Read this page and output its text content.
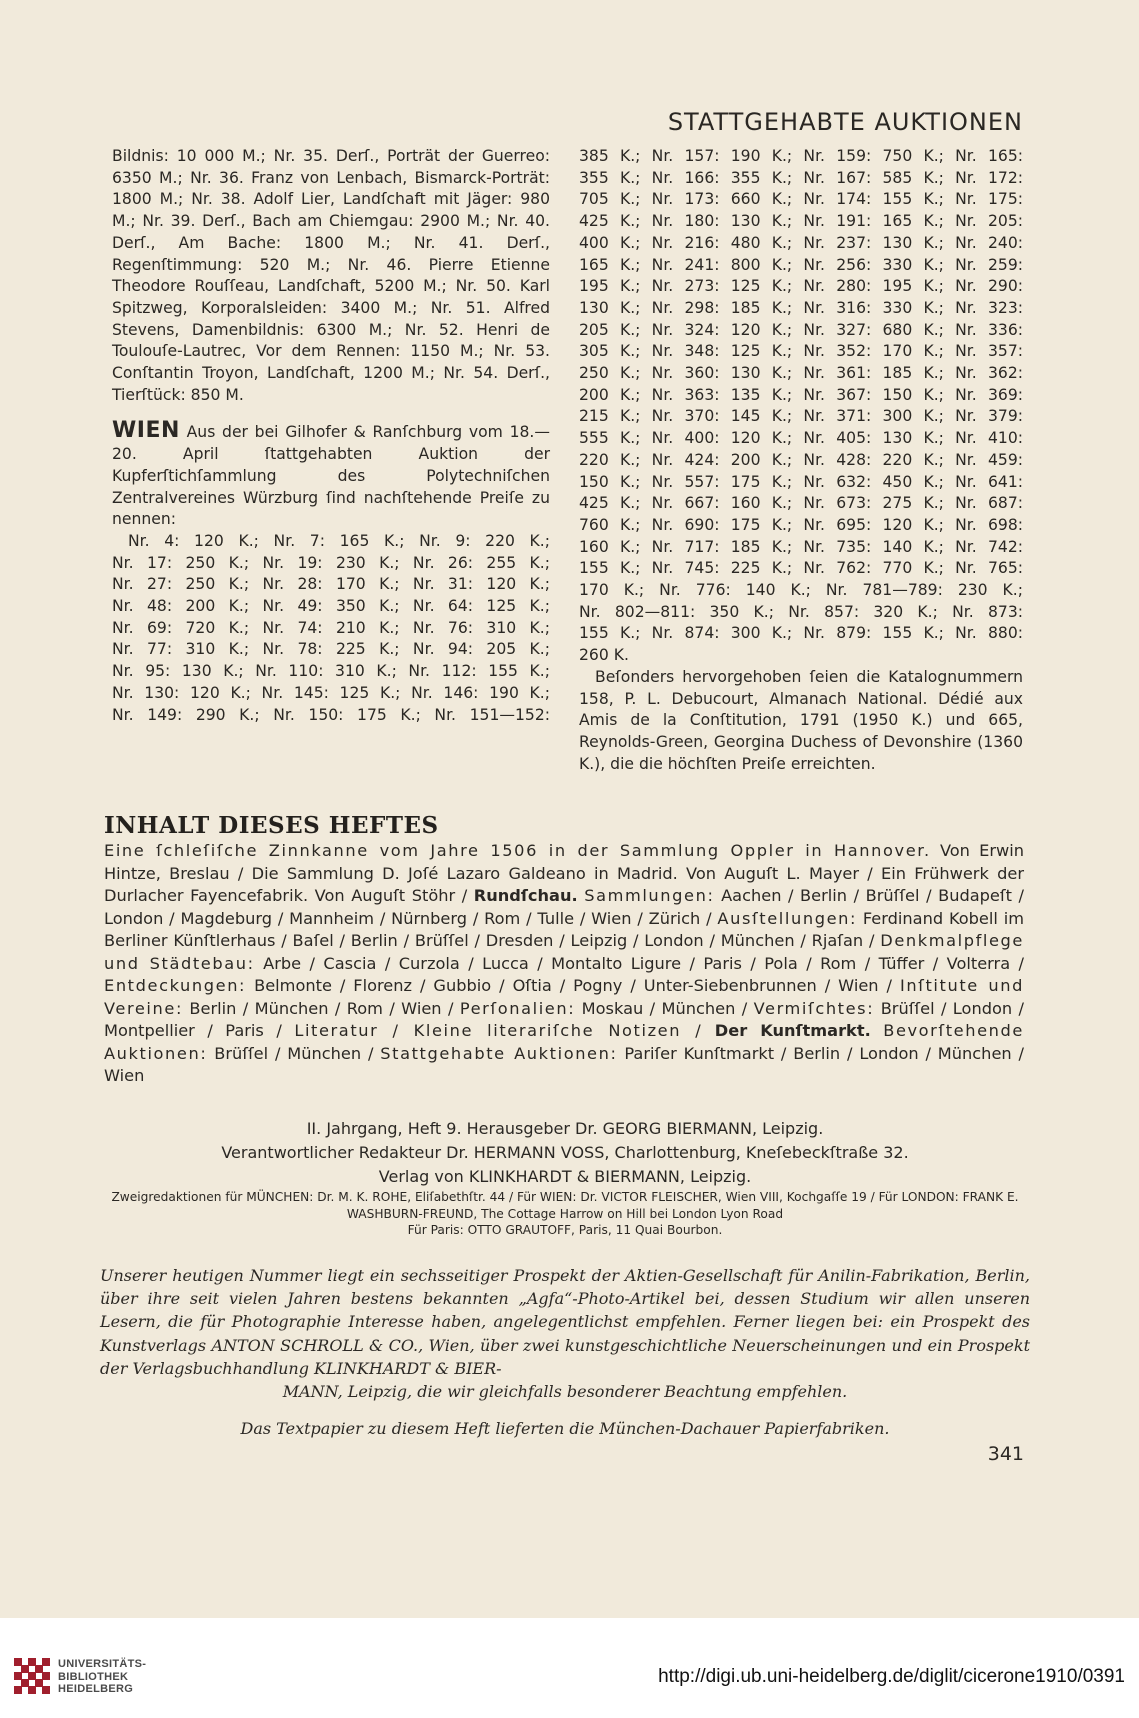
STATTGEHABTE AUKTIONEN

Bildnis: 10 000 M.; Nr. 35. Derſ., Porträt der Guerreo: 6350 M.; Nr. 36. Franz von Lenbach, Bismarck-Porträt: 1800 M.; Nr. 38. Adolf Lier, Landſchaft mit Jäger: 980 M.; Nr. 39. Derſ., Bach am Chiemgau: 2900 M.; Nr. 40. Derſ., Am Bache: 1800 M.; Nr. 41. Derſ., Regenſtimmung: 520 M.; Nr. 46. Pierre Etienne Theodore Rouſſeau, Landſchaft, 5200 M.; Nr. 50. Karl Spitzweg, Korporalsleiden: 3400 M.; Nr. 51. Alfred Stevens, Damenbildnis: 6300 M.; Nr. 52. Henri de Toulouſe-Lautrec, Vor dem Rennen: 1150 M.; Nr. 53. Conſtantin Troyon, Landſchaft, 1200 M.; Nr. 54. Derſ., Tierſtück: 850 M.

WIEN Aus der bei Gilhofer & Ranſchburg vom 18.—20. April ſtattgehabten Auktion der Kupferſtichſammlung des Polytechniſchen Zentralvereines Würzburg ſind nachſtehende Preiſe zu nennen:

Nr. 4: 120 K.; Nr. 7: 165 K.; Nr. 9: 220 K.;
Nr. 17: 250 K.; Nr. 19: 230 K.; Nr. 26: 255 K.;
Nr. 27: 250 K.; Nr. 28: 170 K.; Nr. 31: 120 K.;
Nr. 48: 200 K.; Nr. 49: 350 K.; Nr. 64: 125 K.;
Nr. 69: 720 K.; Nr. 74: 210 K.; Nr. 76: 310 K.;
Nr. 77: 310 K.; Nr. 78: 225 K.; Nr. 94: 205 K.;
Nr. 95: 130 K.; Nr. 110: 310 K.; Nr. 112: 155 K.;
Nr. 130: 120 K.; Nr. 145: 125 K.; Nr. 146: 190 K.;
Nr. 149: 290 K.; Nr. 150: 175 K.; Nr. 151—152:
385 K.; Nr. 157: 190 K.; Nr. 159: 750 K.; Nr. 165:
355 K.; Nr. 166: 355 K.; Nr. 167: 585 K.; Nr. 172:
705 K.; Nr. 173: 660 K.; Nr. 174: 155 K.; Nr. 175:
425 K.; Nr. 180: 130 K.; Nr. 191: 165 K.; Nr. 205:
400 K.; Nr. 216: 480 K.; Nr. 237: 130 K.; Nr. 240:
165 K.; Nr. 241: 800 K.; Nr. 256: 330 K.; Nr. 259:
195 K.; Nr. 273: 125 K.; Nr. 280: 195 K.; Nr. 290:
130 K.; Nr. 298: 185 K.; Nr. 316: 330 K.; Nr. 323:
205 K.; Nr. 324: 120 K.; Nr. 327: 680 K.; Nr. 336:
305 K.; Nr. 348: 125 K.; Nr. 352: 170 K.; Nr. 357:
250 K.; Nr. 360: 130 K.; Nr. 361: 185 K.; Nr. 362:
200 K.; Nr. 363: 135 K.; Nr. 367: 150 K.; Nr. 369:
215 K.; Nr. 370: 145 K.; Nr. 371: 300 K.; Nr. 379:
555 K.; Nr. 400: 120 K.; Nr. 405: 130 K.; Nr. 410:
220 K.; Nr. 424: 200 K.; Nr. 428: 220 K.; Nr. 459:
150 K.; Nr. 557: 175 K.; Nr. 632: 450 K.; Nr. 641:
425 K.; Nr. 667: 160 K.; Nr. 673: 275 K.; Nr. 687:
760 K.; Nr. 690: 175 K.; Nr. 695: 120 K.; Nr. 698:
160 K.; Nr. 717: 185 K.; Nr. 735: 140 K.; Nr. 742:
155 K.; Nr. 745: 225 K.; Nr. 762: 770 K.; Nr. 765:
170 K.; Nr. 776: 140 K.; Nr. 781—789: 230 K.;
Nr. 802—811: 350 K.; Nr. 857: 320 K.; Nr. 873:
155 K.; Nr. 874: 300 K.; Nr. 879: 155 K.; Nr. 880:
260 K.

Beſonders hervorgehoben ſeien die Katalognummern 158, P. L. Debucourt, Almanach National. Dédié aux Amis de la Conſtitution, 1791 (1950 K.) und 665, Reynolds-Green, Georgina Duchess of Devonshire (1360 K.), die die höchſten Preiſe erreichten.

INHALT DIESES HEFTES
Eine ſchleſiſche Zinnkanne vom Jahre 1506 in der Sammlung Oppler in Hannover. Von Erwin Hintze, Breslau / Die Sammlung D. Joſé Lazaro Galdeano in Madrid. Von Auguſt L. Mayer / Ein Frühwerk der Durlacher Fayencefabrik. Von Auguſt Stöhr / Rundſchau. Sammlungen: Aachen / Berlin / Brüſſel / Budapeſt / London / Magdeburg / Mannheim / Nürnberg / Rom / Tulle / Wien / Zürich / Ausſtellungen: Ferdinand Kobell im Berliner Künſtlerhaus / Baſel / Berlin / Brüſſel / Dresden / Leipzig / London / München / Rjaſan / Denkmalpflege und Städtebau: Arbe / Cascia / Curzola / Lucca / Montalto Ligure / Paris / Pola / Rom / Tüffer / Volterra / Entdeckungen: Belmonte / Florenz / Gubbio / Oſtia / Pogny / Unter-Siebenbrunnen / Wien / Inſtitute und Vereine: Berlin / München / Rom / Wien / Perſonalien: Moskau / München / Vermiſchtes: Brüſſel / London / Montpellier / Paris / Literatur / Kleine literariſche Notizen / Der Kunſtmarkt. Bevorſtehende Auktionen: Brüſſel / München / Stattgehabte Auktionen: Pariſer Kunſtmarkt / Berlin / London / München / Wien
II. Jahrgang, Heft 9. Herausgeber Dr. GEORG BIERMANN, Leipzig.
Verantwortlicher Redakteur Dr. HERMANN VOSS, Charlottenburg, Kneſebeckſtraße 32.
Verlag von KLINKHARDT & BIERMANN, Leipzig.
Zweigredaktionen für MÜNCHEN: Dr. M. K. ROHE, Eliſabethſtr. 44 / Für WIEN: Dr. VICTOR FLEISCHER, Wien VIII, Kochgaſſe 19 / Für LONDON: FRANK E. WASHBURN-FREUND, The Cottage Harrow on Hill bei London Lyon Road
Für Paris: OTTO GRAUTOFF, Paris, 11 Quai Bourbon.
Unserer heutigen Nummer liegt ein sechsseitiger Prospekt der Aktien-Gesellschaft für Anilin-Fabrikation, Berlin, über ihre seit vielen Jahren bestens bekannten „Agfa“-Photo-Artikel bei, dessen Studium wir allen unseren Lesern, die für Photographie Interesse haben, angelegentlichst empfehlen. Ferner liegen bei: ein Prospekt des Kunstverlags ANTON SCHROLL & CO., Wien, über zwei kunstgeschichtliche Neuerscheinungen und ein Prospekt der Verlagsbuchhandlung KLINKHARDT & BIER-
MANN, Leipzig, die wir gleichfalls besonderer Beachtung empfehlen.
Das Textpapier zu diesem Heft lieferten die München-Dachauer Papierfabriken.
341
UNIVERSITÄTS-
BIBLIOTHEK
HEIDELBERG
http://digi.ub.uni-heidelberg.de/diglit/cicerone1910/0391
